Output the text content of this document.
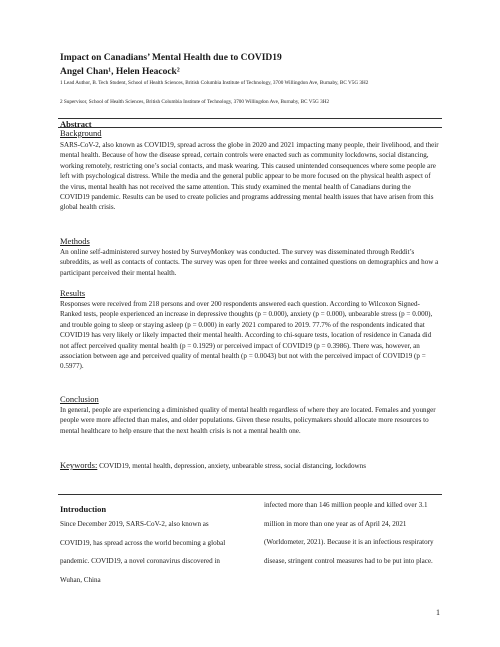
Impact on Canadians’ Mental Health due to COVID19
Angel Chan¹, Helen Heacock²
1 Lead Author, B. Tech Student, School of Health Sciences, British Columbia Institute of Technology, 3700 Willingdon Ave, Burnaby, BC V5G 3H2
2 Supervisor, School of Health Sciences, British Columbia Institute of Technology, 3700 Willingdon Ave, Burnaby, BC V5G 3H2
Abstract
Background
SARS-CoV-2, also known as COVID19, spread across the globe in 2020 and 2021 impacting many people, their livelihood, and their mental health. Because of how the disease spread, certain controls were enacted such as community lockdowns, social distancing, working remotely, restricting one’s social contacts, and mask wearing. This caused unintended consequences where some people are left with psychological distress. While the media and the general public appear to be more focused on the physical health aspect of the virus, mental health has not received the same attention. This study examined the mental health of Canadians during the COVID19 pandemic. Results can be used to create policies and programs addressing mental health issues that have arisen from this global health crisis.
Methods
An online self-administered survey hosted by SurveyMonkey was conducted. The survey was disseminated through Reddit’s subreddits, as well as contacts of contacts. The survey was open for three weeks and contained questions on demographics and how a participant perceived their mental health.
Results
Responses were received from 218 persons and over 200 respondents answered each question. According to Wilcoxon Signed-Ranked tests, people experienced an increase in depressive thoughts (p = 0.000), anxiety (p = 0.000), unbearable stress (p = 0.000), and trouble going to sleep or staying asleep (p = 0.000) in early 2021 compared to 2019. 77.7% of the respondents indicated that COVID19 has very likely or likely impacted their mental health. According to chi-square tests, location of residence in Canada did not affect perceived quality mental health (p = 0.1929) or perceived impact of COVID19 (p = 0.3986). There was, however, an association between age and perceived quality of mental health (p = 0.0043) but not with the perceived impact of COVID19 (p = 0.5977).
Conclusion
In general, people are experiencing a diminished quality of mental health regardless of where they are located. Females and younger people were more affected than males, and older populations. Given these results, policymakers should allocate more resources to mental healthcare to help ensure that the next health crisis is not a mental health one.
Keywords: COVID19, mental health, depression, anxiety, unbearable stress, social distancing, lockdowns
Introduction
Since December 2019, SARS-CoV-2, also known as COVID19, has spread across the world becoming a global pandemic. COVID19, a novel coronavirus discovered in Wuhan, China
infected more than 146 million people and killed over 3.1 million in more than one year as of April 24, 2021 (Worldometer, 2021). Because it is an infectious respiratory disease, stringent control measures had to be put into place.
1
